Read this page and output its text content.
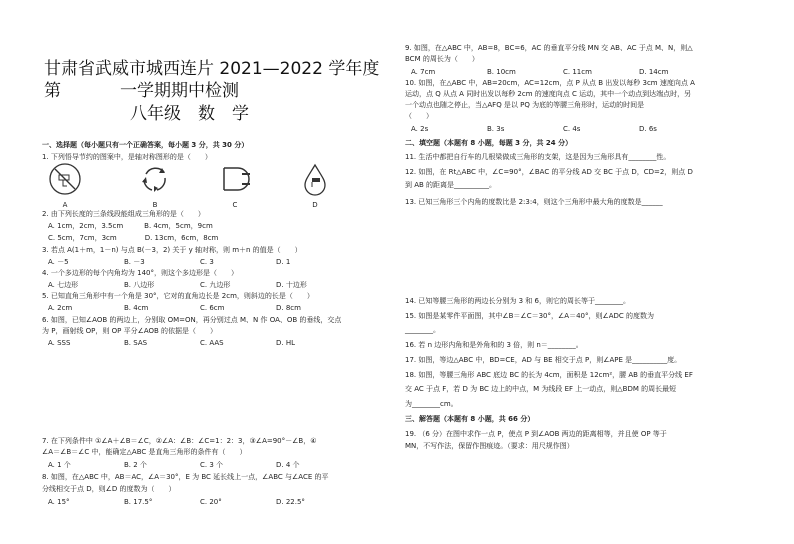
甘肃省武威市城西连片 2021—2022 学年度第	一学期期中检测
八年级　数　学
一、选择题（每小题只有一个正确答案，每小题 3 分，共 30 分）
1. 下列悟导节约的图案中，是轴对称图形的是（　　）
A	B	C	D
2. 由下列长度的三条线段能组成三角形的是（　　）
A. 1cm，2cm，3.5cm　　　B. 4cm，5cm，9cm
C. 5cm，7cm，3cm　　　　D. 13cm，6cm，8cm
3. 若点 A(1＋m，1－n) 与点 B(－3，2) 关于 y 轴对称，则 m＋n 的值是（　　）
A. －5	B. －3	C. 3	D. 1
4. 一个多边形的每个内角均为 140°，则这个多边形是（　　）
A. 七边形	B. 八边形	C. 九边形	D. 十边形
5. 已知直角三角形中有一个角是 30°，它对的直角边长是 2cm，则斜边的长是（　　）
A. 2cm	B. 4cm	C. 6cm	D. 8cm
6. 如图，已知∠AOB 的两边上，分别取 OM=ON，再分别过点 M、N 作 OA、OB 的垂线，交点
为 P，画射线 OP，则 OP 平分∠AOB 的依据是（　　）
A. SSS	B. SAS	C. AAS	D. HL
7. 在下列条件中 ①∠A＋∠B＝∠C，②∠A：∠B：∠C=1：2：3，③∠A=90°－∠B，④
∠A＝∠B＝∠C 中，能确定△ABC 是直角三角形的条件有（　　）
A. 1 个	B. 2 个	C. 3 个	D. 4 个
8. 如图，在△ABC 中，AB＝AC，∠A＝30°，E 为 BC 延长线上一点，∠ABC 与∠ACE 的平
分线相交于点 D，则∠D 的度数为（　　）
A. 15°	B. 17.5°	C. 20°	D. 22.5°
9. 如图，在△ABC 中，AB=8，BC=6，AC 的垂直平分线 MN 交 AB、AC 于点 M、N，则△
BCM 的周长为（　　）
A. 7cm	B. 10cm	C. 11cm	D. 14cm
10. 如图，在△ABC 中，AB=20cm，AC=12cm，点 P 从点 B 出发以每秒 3cm 速度向点 A
运动，点 Q 从点 A 同时出发以每秒 2cm 的速度向点 C 运动，其中一个动点到达端点时，另
一个动点也随之停止，当△AFQ 是以 PQ 为底的等腰三角形时，运动的时间是
（　　）
A. 2s	B. 3s	C. 4s	D. 6s
二、填空题（本题有 8 小题，每题 3 分，共 24 分）
11. 生活中都把自行车的几根梁做成三角形的支架，这是因为三角形具有________性。
12. 如图，在 Rt△ABC 中，∠C=90°，∠BAC 的平分线 AD 交 BC 于点 D，CD=2，则点 D
到 AB 的距离是__________。
13. 已知三角形三个内角的度数比是 2:3:4，则这个三角形中最大角的度数是______
14. 已知等腰三角形的两边长分别为 3 和 6，则它的周长等于________。
15. 如图是某零件平面图，其中∠B＝∠C＝30°，∠A＝40°，则∠ADC 的度数为
________。
16. 若 n 边形内角和是外角和的 3 倍，则 n＝________。
17. 如图，等边△ABC 中，BD=CE，AD 与 BE 相交于点 P，则∠APE 是__________度。
18. 如图，等腰三角形 ABC 底边 BC 的长为 4cm，面积是 12cm²，腰 AB 的垂直平分线 EF
交 AC 于点 F，若 D 为 BC 边上的中点，M 为线段 EF 上一动点，则△BDM 的周长最短
为________cm。
三、解答题（本题有 8 小题，共 66 分）
19. （6 分）在图中求作一点 P，使点 P 到∠AOB 两边的距离相等，并且使 OP 等于
MN，不写作法，保留作图痕迹。（要求：用尺规作图）
